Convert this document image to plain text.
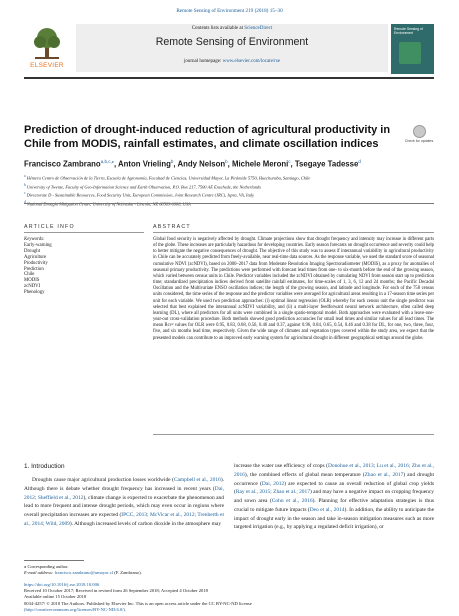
Remote Sensing of Environment 219 (2018) 15–30
ELSEVIER
Contents lists available at ScienceDirect
Remote Sensing of Environment
journal homepage: www.elsevier.com/locate/rse
Remote Sensing of Environment
Prediction of drought-induced reduction of agricultural productivity in Chile from MODIS, rainfall estimates, and climate oscillation indices	Check for updates
Francisco Zambrano$^{a,b,c,⁎}$, Anton Vrieling$^b$, Andy Nelson$^b$, Michele Meroni$^c$, Tsegaye Tadesse$^d$
$^a$ Hémera Centro de Observación de la Tierra, Escuela de Agronomía, Facultad de Ciencias, Universidad Mayor, La Pirámide 5750, Huechuraba, Santiago, Chile
$^b$ University of Twente, Faculty of Geo-Information Science and Earth Observation, P.O. Box 217, 7500 AE Enschede, the Netherlands
$^c$ Directorate D - Sustainable Resources, Food Security Unit, European Commission, Joint Research Centre (JRC), Ispra, VA, Italy
$^d$
ARTICLE INFO	ABSTRACT
Keywords:
Early-warning
Drought
Agriculture
Productivity
Prediction
Chile
MODIS
zcNDVI
Phenology
Global food security is negatively affected by drought. Climate projections show that drought frequency and intensity may increase in different parts of the globe. These increases are particularly hazardous for developing countries. Early season forecasts on drought occurrence and severity could help to better mitigate the negative consequences of drought. The objective of this study was to assess if interannual variability in agricultural productivity in Chile can be accurately predicted from freely-available, near real-time data sources. As the response variable, we used the standard score of seasonal cumulative NDVI (zcNDVI), based on 2000–2017 data from Moderate Resolution Imaging Spectroradiometer (MODIS), as a proxy for anomalies of seasonal primary productivity. The predictions were performed with forecast lead times from one- to six-month before the end of the growing season, which varied between census units in Chile. Predictor variables included the zcNDVI obtained by cumulating NDVI from season start up to prediction time; standardized precipitation indices derived from satellite rainfall estimates, for time-scales of 1, 3, 6, 12 and 24 months; the Pacific Decadal Oscillation and the Multivariate ENSO oscillation indices; the length of the growing season, and latitude and longitude. For each of the 758 census units considered, the time series of the response and the predictor variables were averaged for agricultural areas resulting in a 17-season time series per unit for each variable. We used two prediction approaches: (i) optimal linear regression (OLR) whereby for each census unit the single predictor was selected that best explained the interannual zcNDVI variability, and (ii) a multi-layer feedforward neural network architecture, often called deep learning (DL), where all predictors for all units were combined in a single spatio-temporal model. Both approaches were evaluated with a leave-one-year-out cross-validation procedure. Both methods showed good prediction accuracies for small lead times and similar values for all lead times. The mean Rcv² values for OLR were 0.95, 0.83, 0.68, 0.56, 0.46 and 0.37, against 0.96, 0.84, 0.65, 0.54, 0.46 and 0.38 for DL, for one, two, three, four, five, and six months lead time, respectively. Given the wide range of climates and vegetation types covered within the study area, we expect that the presented models can contribute to an improved early warning system for agricultural drought in different geographical settings around the globe.
1. Introduction
Droughts cause major agricultural production losses worldwide (Campbell et al., 2016). Although there is debate whether drought frequency has increased in recent years (Dai, 2012; Sheffield et al., 2012), climate change is expected to exacerbate the phenomenon and lead to more frequent and intense drought periods, which may even occur in regions where overall precipitation increases are expected (IPCC, 2013; McVicar et al., 2012; Trenberth et al., 2014; Wild, 2009). Although increased levels of carbon dioxide in the atmosphere may
increase the water use efficiency of crops (Donohue et al., 2013; Lu et al., 2016; Zhu et al., 2016), the combined effects of global mean temperature (Zhao et al., 2017) and drought occurrence (Dai, 2012) are expected to cause an overall reduction of global crop yields (Ray et al., 2015; Zhao et al., 2017) and may have a negative impact on cropping frequency and sown area (Cohn et al., 2016). Planning for effective adaptation strategies is thus crucial to mitigate future impacts (Deo et al., 2014). In addition, the ability to anticipate the impact of drought early in the season and take in-season mitigation measures such as more targeted irrigation (e.g., by applying a regulated deficit irrigation), or
⁎ Corresponding author.
E-mail address: francisco.zambrano@umayor.cl (F. Zambrano).
https://doi.org/10.1016/j.rse.2018.10.006
Received 10 October 2017; Received in revised form 26 September 2018; Accepted 4 October 2018
Available online 15 October 2018
0034-4257/ © 2018 The Authors. Published by Elsevier Inc. This is an open access article under the CC BY-NC-ND license
(http://creativecommons.org/licenses/BY-NC-ND/4.0/).
